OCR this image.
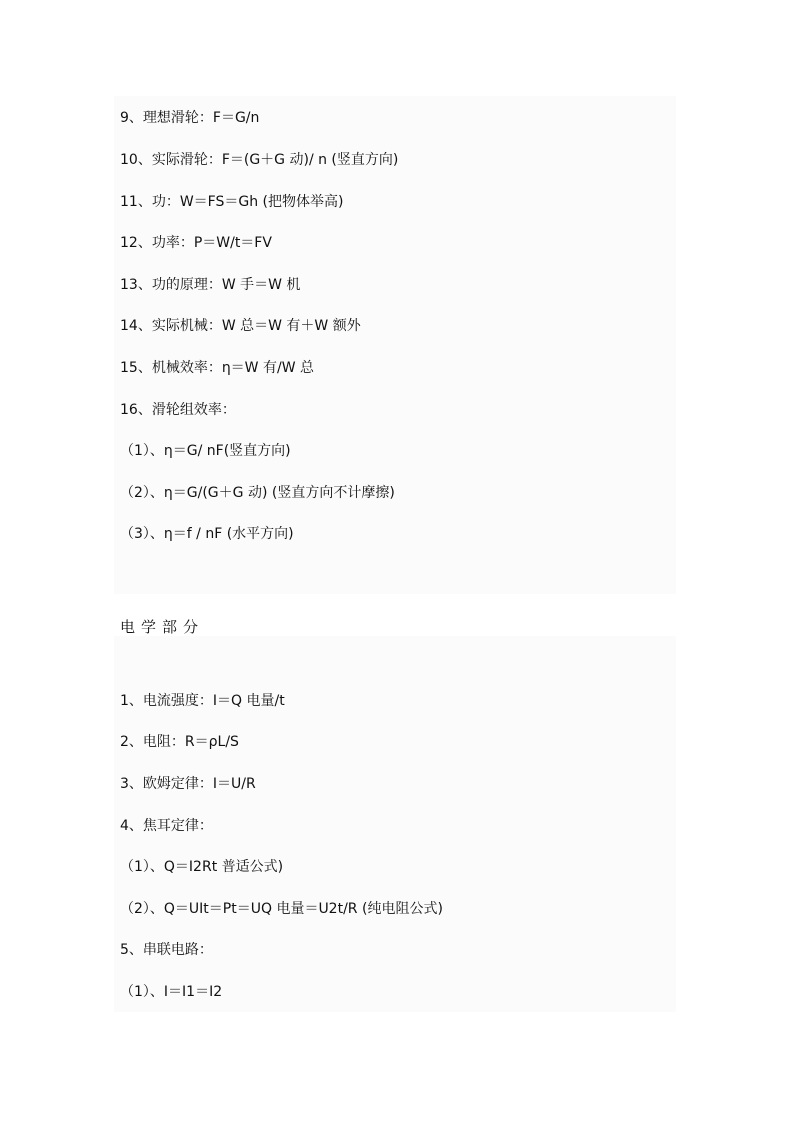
9、理想滑轮：F＝G/n
10、实际滑轮：F＝(G＋G 动)/ n (竖直方向)
11、功：W＝FS＝Gh (把物体举高)
12、功率：P＝W/t＝FV
13、功的原理：W 手＝W 机
14、实际机械：W 总＝W 有＋W 额外
15、机械效率：η＝W 有/W 总
16、滑轮组效率：
（1）、η＝G/ nF(竖直方向)
（2）、η＝G/(G＋G 动) (竖直方向不计摩擦)
（3）、η＝f / nF (水平方向)
电学部分
1、电流强度：I＝Q 电量/t
2、电阻：R＝ρL/S
3、欧姆定律：I＝U/R
4、焦耳定律：
（1）、Q＝I2Rt 普适公式)
（2）、Q＝UIt＝Pt＝UQ 电量＝U2t/R (纯电阻公式)
5、串联电路：
（1）、I＝I1＝I2
